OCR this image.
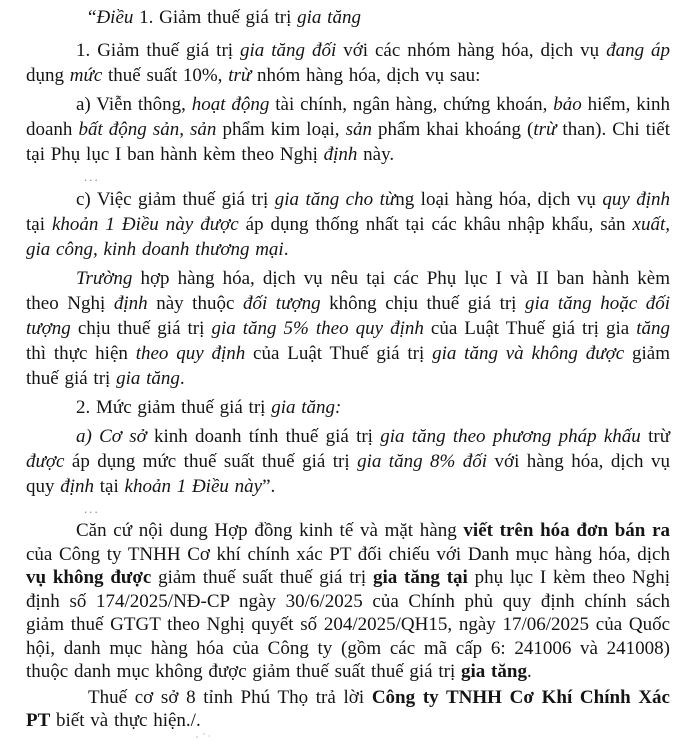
“Điều 1. Giảm thuế giá trị gia tăng

1. Giảm thuế giá trị gia tăng đối với các nhóm hàng hóa, dịch vụ đang áp dụng mức thuế suất 10%, trừ nhóm hàng hóa, dịch vụ sau:

a) Viễn thông, hoạt động tài chính, ngân hàng, chứng khoán, bảo hiểm, kinh doanh bất động sản, sản phẩm kim loại, sản phẩm khai khoáng (trừ than). Chi tiết tại Phụ lục I ban hành kèm theo Nghị định này.

...

c) Việc giảm thuế giá trị gia tăng cho từng loại hàng hóa, dịch vụ quy định tại khoản 1 Điều này được áp dụng thống nhất tại các khâu nhập khẩu, sản xuất, gia công, kinh doanh thương mại.

Trường hợp hàng hóa, dịch vụ nêu tại các Phụ lục I và II ban hành kèm theo Nghị định này thuộc đối tượng không chịu thuế giá trị gia tăng hoặc đối tượng chịu thuế giá trị gia tăng 5% theo quy định của Luật Thuế giá trị gia tăng thì thực hiện theo quy định của Luật Thuế giá trị gia tăng và không được giảm thuế giá trị gia tăng.

2. Mức giảm thuế giá trị gia tăng:

a) Cơ sở kinh doanh tính thuế giá trị gia tăng theo phương pháp khấu trừ được áp dụng mức thuế suất thuế giá trị gia tăng 8% đối với hàng hóa, dịch vụ quy định tại khoản 1 Điều này”.

...

Căn cứ nội dung Hợp đồng kinh tế và mặt hàng viết trên hóa đơn bán ra của Công ty TNHH Cơ khí chính xác PT đối chiếu với Danh mục hàng hóa, dịch vụ không được giảm thuế suất thuế giá trị gia tăng tại phụ lục I kèm theo Nghị định số 174/2025/NĐ-CP ngày 30/6/2025 của Chính phủ quy định chính sách giảm thuế GTGT theo Nghị quyết số 204/2025/QH15, ngày 17/06/2025 của Quốc hội, danh mục hàng hóa của Công ty (gồm các mã cấp 6: 241006 và 241008) thuộc danh mục không được giảm thuế suất thuế giá trị gia tăng.

Thuế cơ sở 8 tỉnh Phú Thọ trả lời Công ty TNHH Cơ Khí Chính Xác PT biết và thực hiện./.
